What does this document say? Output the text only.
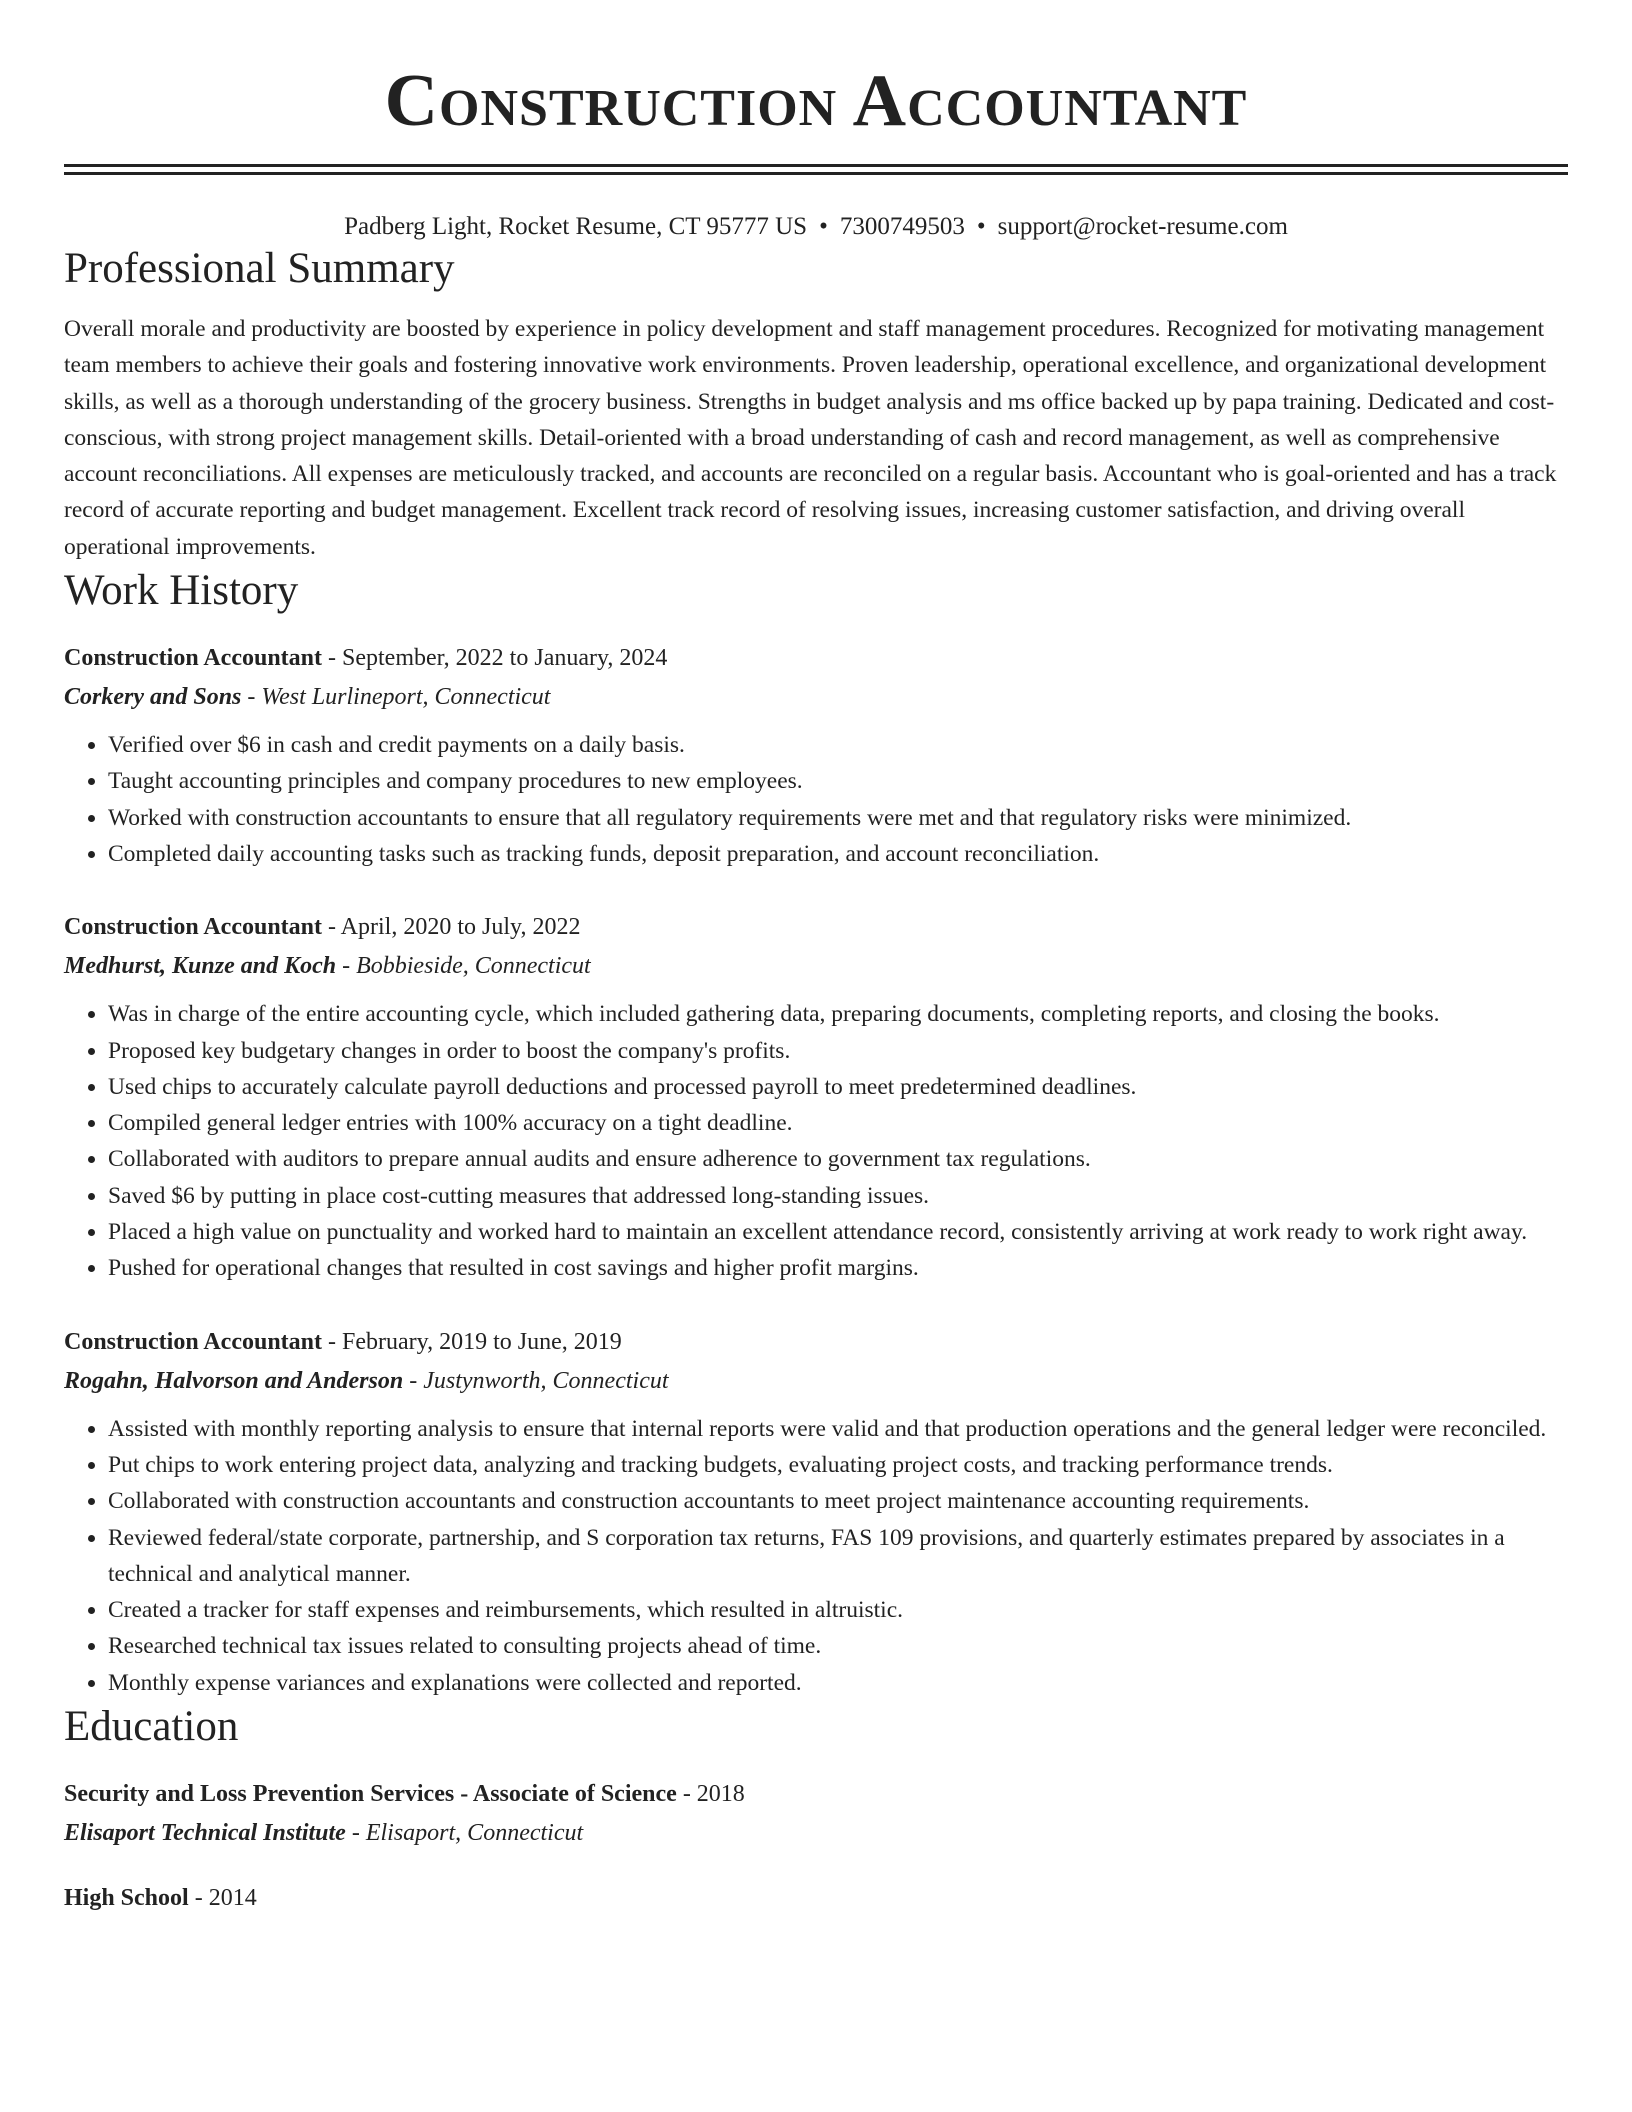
Construction Accountant
Padberg Light, Rocket Resume, CT 95777 US • 7300749503 • support@rocket-resume.com
Professional Summary

Overall morale and productivity are boosted by experience in policy development and staff management procedures. Recognized for motivating management team members to achieve their goals and fostering innovative work environments. Proven leadership, operational excellence, and organizational development skills, as well as a thorough understanding of the grocery business. Strengths in budget analysis and ms office backed up by papa training. Dedicated and cost-conscious, with strong project management skills. Detail-oriented with a broad understanding of cash and record management, as well as comprehensive account reconciliations. All expenses are meticulously tracked, and accounts are reconciled on a regular basis. Accountant who is goal-oriented and has a track record of accurate reporting and budget management. Excellent track record of resolving issues, increasing customer satisfaction, and driving overall operational improvements.

Work History
Construction Accountant - September, 2022 to January, 2024
Corkery and Sons - West Lurlineport, Connecticut
• Verified over $6 in cash and credit payments on a daily basis.
• Taught accounting principles and company procedures to new employees.
• Worked with construction accountants to ensure that all regulatory requirements were met and that regulatory risks were minimized.
• Completed daily accounting tasks such as tracking funds, deposit preparation, and account reconciliation.
Construction Accountant - April, 2020 to July, 2022
Medhurst, Kunze and Koch - Bobbieside, Connecticut
• Was in charge of the entire accounting cycle, which included gathering data, preparing documents, completing reports, and closing the books.
• Proposed key budgetary changes in order to boost the company's profits.
• Used chips to accurately calculate payroll deductions and processed payroll to meet predetermined deadlines.
• Compiled general ledger entries with 100% accuracy on a tight deadline.
• Collaborated with auditors to prepare annual audits and ensure adherence to government tax regulations.
• Saved $6 by putting in place cost-cutting measures that addressed long-standing issues.
• Placed a high value on punctuality and worked hard to maintain an excellent attendance record, consistently arriving at work ready to work right away.
• Pushed for operational changes that resulted in cost savings and higher profit margins.
Construction Accountant - February, 2019 to June, 2019
Rogahn, Halvorson and Anderson - Justynworth, Connecticut
• Assisted with monthly reporting analysis to ensure that internal reports were valid and that production operations and the general ledger were reconciled.
• Put chips to work entering project data, analyzing and tracking budgets, evaluating project costs, and tracking performance trends.
• Collaborated with construction accountants and construction accountants to meet project maintenance accounting requirements.
• Reviewed federal/state corporate, partnership, and S corporation tax returns, FAS 109 provisions, and quarterly estimates prepared by associates in a technical and analytical manner.
• Created a tracker for staff expenses and reimbursements, which resulted in altruistic.
• Researched technical tax issues related to consulting projects ahead of time.
• Monthly expense variances and explanations were collected and reported.
Education
Security and Loss Prevention Services - Associate of Science - 2018
Elisaport Technical Institute - Elisaport, Connecticut
High School - 2014
